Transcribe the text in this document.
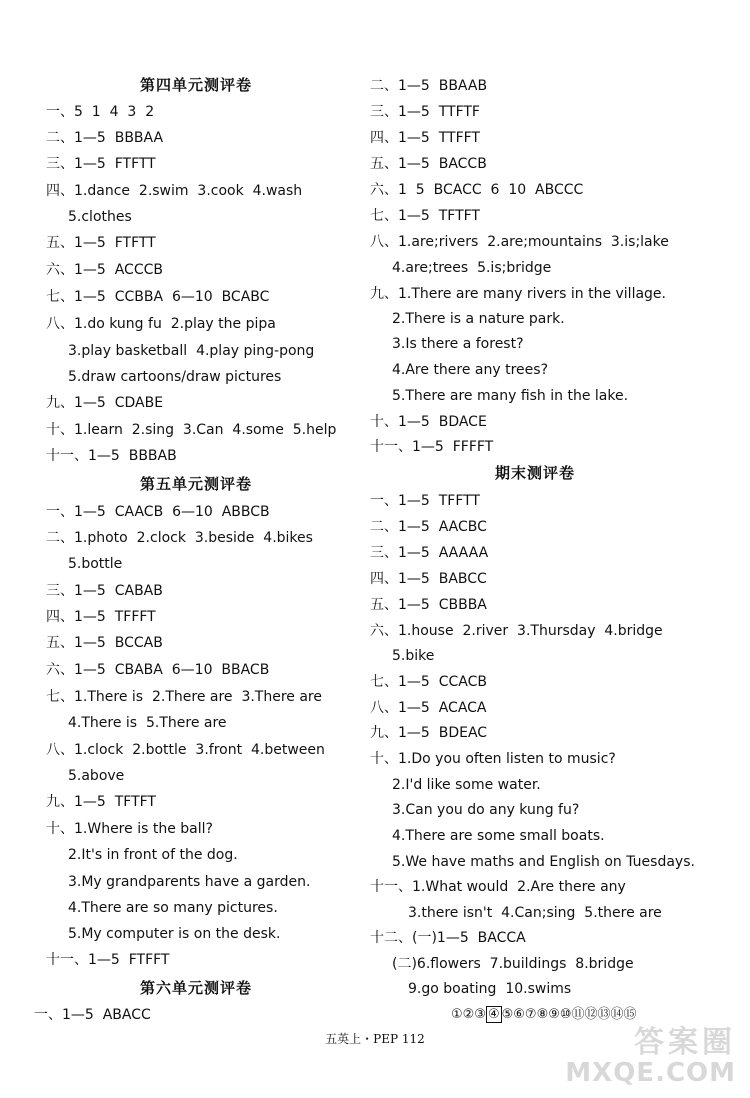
第四单元测评卷
一、5  1  4  3  2
二、1—5  BBBAA
三、1—5  FTFTT
四、1.dance  2.swim  3.cook  4.wash
5.clothes
五、1—5  FTFTT
六、1—5  ACCCB
七、1—5  CCBBA  6—10  BCABC
八、1.do kung fu  2.play the pipa
3.play basketball  4.play ping-pong
5.draw cartoons/draw pictures
九、1—5  CDABE
十、1.learn  2.sing  3.Can  4.some  5.help
十一、1—5  BBBAB
第五单元测评卷
一、1—5  CAACB  6—10  ABBCB
二、1.photo  2.clock  3.beside  4.bikes
5.bottle
三、1—5  CABAB
四、1—5  TFFFT
五、1—5  BCCAB
六、1—5  CBABA  6—10  BBACB
七、1.There is  2.There are  3.There are
4.There is  5.There are
八、1.clock  2.bottle  3.front  4.between
5.above
九、1—5  TFTFT
十、1.Where is the ball?
2.It's in front of the dog.
3.My grandparents have a garden.
4.There are so many pictures.
5.My computer is on the desk.
十一、1—5  FTFFT
第六单元测评卷
一、1—5  ABACC
二、1—5  BBAAB
三、1—5  TTFTF
四、1—5  TTFFT
五、1—5  BACCB
六、1  5  BCACC  6  10  ABCCC
七、1—5  TFTFT
八、1.are;rivers  2.are;mountains  3.is;lake
4.are;trees  5.is;bridge
九、1.There are many rivers in the village.
2.There is a nature park.
3.Is there a forest?
4.Are there any trees?
5.There are many fish in the lake.
十、1—5  BDACE
十一、1—5  FFFFT
期末测评卷
一、1—5  TFFTT
二、1—5  AACBC
三、1—5  AAAAA
四、1—5  BABCC
五、1—5  CBBBA
六、1.house  2.river  3.Thursday  4.bridge
5.bike
七、1—5  CCACB
八、1—5  ACACA
九、1—5  BDEAC
十、1.Do you often listen to music?
2.I'd like some water.
3.Can you do any kung fu?
4.There are some small boats.
5.We have maths and English on Tuesdays.
十一、1.What would  2.Are there any
3.there isn't  4.Can;sing  5.there are
十二、(一)1—5  BACCA
(二)6.flowers  7.buildings  8.bridge
9.go boating  10.swims
①②③ ④ ⑤⑥⑦⑧⑨⑩⑪⑫⑬⑭⑮
五英上・PEP 112	答案圈
MXQE.COM
